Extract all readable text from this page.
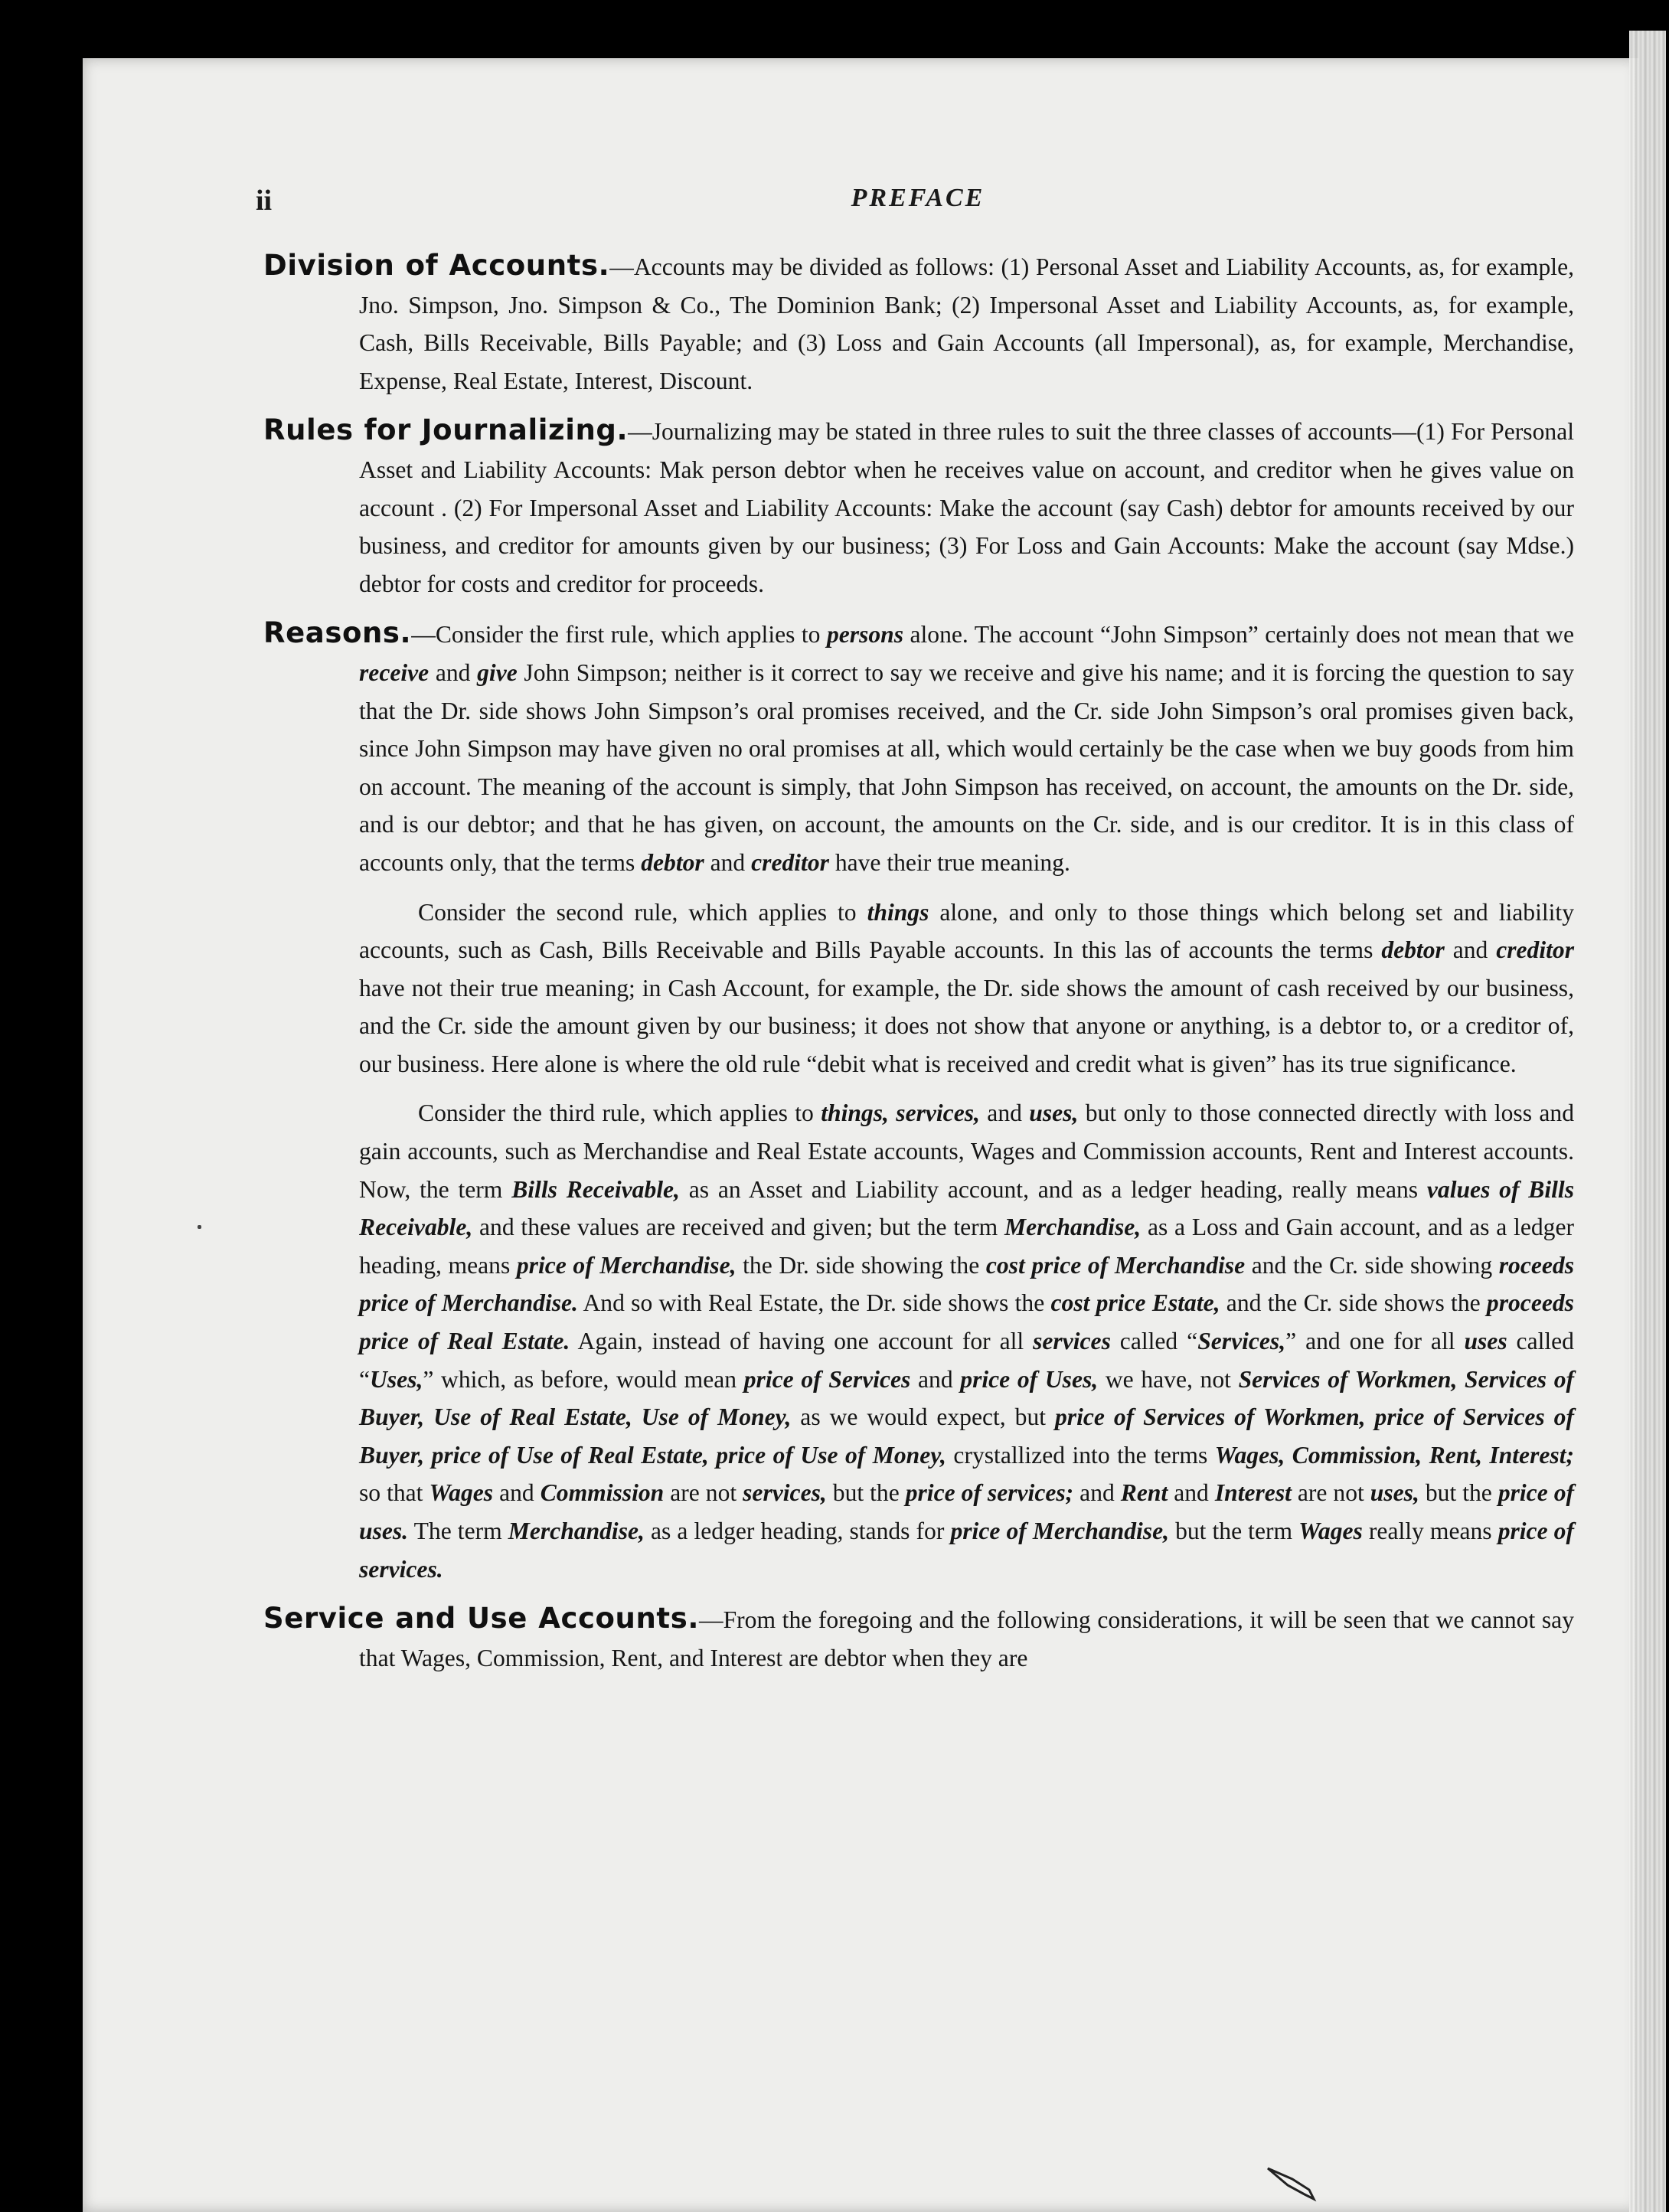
ii	PREFACE

Division of Accounts.—Accounts may be divided as follows: (1) Personal Asset and Liability Accounts, as, for example, Jno. Simpson, Jno. Simpson & Co., The Dominion Bank; (2) Impersonal Asset and Liability Accounts, as, for example, Cash, Bills Receivable, Bills Payable; and (3) Loss and Gain Accounts (all Impersonal), as, for example, Merchandise, Expense, Real Estate, Interest, Discount.

Rules for Journalizing.—Journalizing may be stated in three rules to suit the three classes of accounts—(1) For Personal Asset and Liability Accounts: Mak person debtor when he receives value on account, and creditor when he gives value on account . (2) For Impersonal Asset and Liability Accounts: Make the account (say Cash) debtor for amounts received by our business, and creditor for amounts given by our business; (3) For Loss and Gain Accounts: Make the account (say Mdse.) debtor for costs and creditor for proceeds.

Reasons.—Consider the first rule, which applies to persons alone. The account “John Simpson” certainly does not mean that we receive and give John Simpson; neither is it correct to say we receive and give his name; and it is forcing the question to say that the Dr. side shows John Simpson’s oral promises received, and the Cr. side John Simpson’s oral promises given back, since John Simpson may have given no oral promises at all, which would certainly be the case when we buy goods from him on account. The meaning of the account is simply, that John Simpson has received, on account, the amounts on the Dr. side, and is our debtor; and that he has given, on account, the amounts on the Cr. side, and is our creditor. It is in this class of accounts only, that the terms debtor and creditor have their true meaning.

Consider the second rule, which applies to things alone, and only to those things which belong set and liability accounts, such as Cash, Bills Receivable and Bills Payable accounts. In this las of accounts the terms debtor and creditor have not their true meaning; in Cash Account, for example, the Dr. side shows the amount of cash received by our business, and the Cr. side the amount given by our business; it does not show that anyone or anything, is a debtor to, or a creditor of, our business. Here alone is where the old rule “debit what is received and credit what is given” has its true significance.

Consider the third rule, which applies to things, services, and uses, but only to those connected directly with loss and gain accounts, such as Merchandise and Real Estate accounts, Wages and Commission accounts, Rent and Interest accounts. Now, the term Bills Receivable, as an Asset and Liability account, and as a ledger heading, really means values of Bills Receivable, and these values are received and given; but the term Merchandise, as a Loss and Gain account, and as a ledger heading, means price of Merchandise, the Dr. side showing the cost price of Merchandise and the Cr. side showing roceeds price of Merchandise. And so with Real Estate, the Dr. side shows the cost price Estate, and the Cr. side shows the proceeds price of Real Estate. Again, instead of having one account for all services called “Services,” and one for all uses called “Uses,” which, as before, would mean price of Services and price of Uses, we have, not Services of Workmen, Services of Buyer, Use of Real Estate, Use of Money, as we would expect, but price of Services of Workmen, price of Services of Buyer, price of Use of Real Estate, price of Use of Money, crystallized into the terms Wages, Commission, Rent, Interest; so that Wages and Commission are not services, but the price of services; and Rent and Interest are not uses, but the price of uses. The term Merchandise, as a ledger heading, stands for price of Merchandise, but the term Wages really means price of services.

Service and Use Accounts.—From the foregoing and the following considerations, it will be seen that we cannot say that Wages, Commission, Rent, and Interest are debtor when they are
